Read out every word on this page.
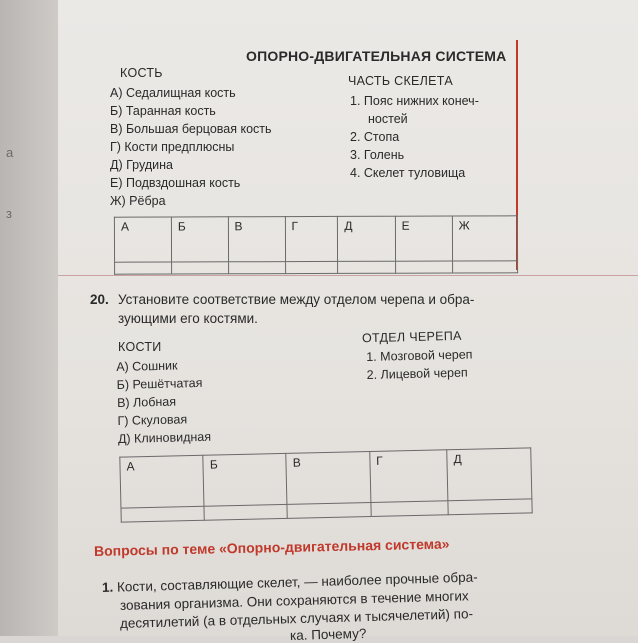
а
з
ОПОРНО-ДВИГАТЕЛЬНАЯ СИСТЕМА
КОСТЬ
А) Седалищная кость
Б) Таранная кость
В) Большая берцовая кость
Г) Кости предплюсны
Д) Грудина
Е) Подвздошная кость
Ж) Рёбра
ЧАСТЬ СКЕЛЕТА
1. Пояс нижних конеч-
ностей
2. Стопа
3. Голень
4. Скелет туловища
А	Б	В	Г	Д	Е	Ж

20. Установите соответствие между отделом черепа и обра-
зующими его костями.
КОСТИ
А) Сошник
Б) Решётчатая
В) Лобная
Г) Скуловая
Д) Клиновидная
ОТДЕЛ ЧЕРЕПА
1. Мозговой череп
2. Лицевой череп
А	Б	В	Г	Д

Вопросы по теме «Опорно-двигательная система»
1. Кости, составляющие скелет, — наиболее прочные обра-
зования организма. Они сохраняются в течение многих
десятилетий (а в отдельных случаях и тысячелетий) по-
ка. Почему?
